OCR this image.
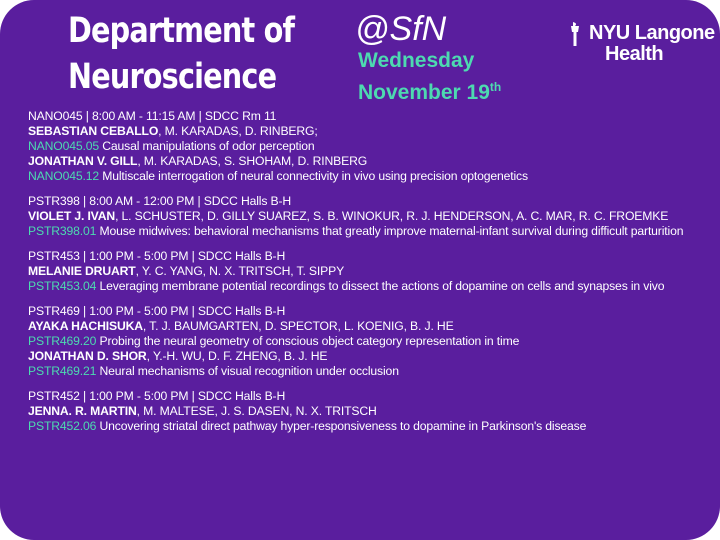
Department of
Neuroscience
@SfN
Wednesday
November 19th
NYU Langone
Health
NANO045 | 8:00 AM - 11:15 AM | SDCC Rm 11
SEBASTIAN CEBALLO, M. KARADAS, D. RINBERG;
NANO045.05 Causal manipulations of odor perception
JONATHAN V. GILL, M. KARADAS, S. SHOHAM, D. RINBERG
NANO045.12 Multiscale interrogation of neural connectivity in vivo using precision optogenetics
PSTR398 | 8:00 AM - 12:00 PM | SDCC Halls B-H
VIOLET J. IVAN, L. SCHUSTER, D. GILLY SUAREZ, S. B. WINOKUR, R. J. HENDERSON, A. C. MAR, R. C. FROEMKE
PSTR398.01 Mouse midwives: behavioral mechanisms that greatly improve maternal-infant survival during difficult parturition
PSTR453 | 1:00 PM - 5:00 PM | SDCC Halls B-H
MELANIE DRUART, Y. C. YANG, N. X. TRITSCH, T. SIPPY
PSTR453.04 Leveraging membrane potential recordings to dissect the actions of dopamine on cells and synapses in vivo
PSTR469 | 1:00 PM - 5:00 PM | SDCC Halls B-H
AYAKA HACHISUKA, T. J. BAUMGARTEN, D. SPECTOR, L. KOENIG, B. J. HE
PSTR469.20 Probing the neural geometry of conscious object category representation in time
JONATHAN D. SHOR, Y.-H. WU, D. F. ZHENG, B. J. HE
PSTR469.21 Neural mechanisms of visual recognition under occlusion
PSTR452 | 1:00 PM - 5:00 PM | SDCC Halls B-H
JENNA. R. MARTIN, M. MALTESE, J. S. DASEN, N. X. TRITSCH
PSTR452.06 Uncovering striatal direct pathway hyper-responsiveness to dopamine in Parkinson's disease
